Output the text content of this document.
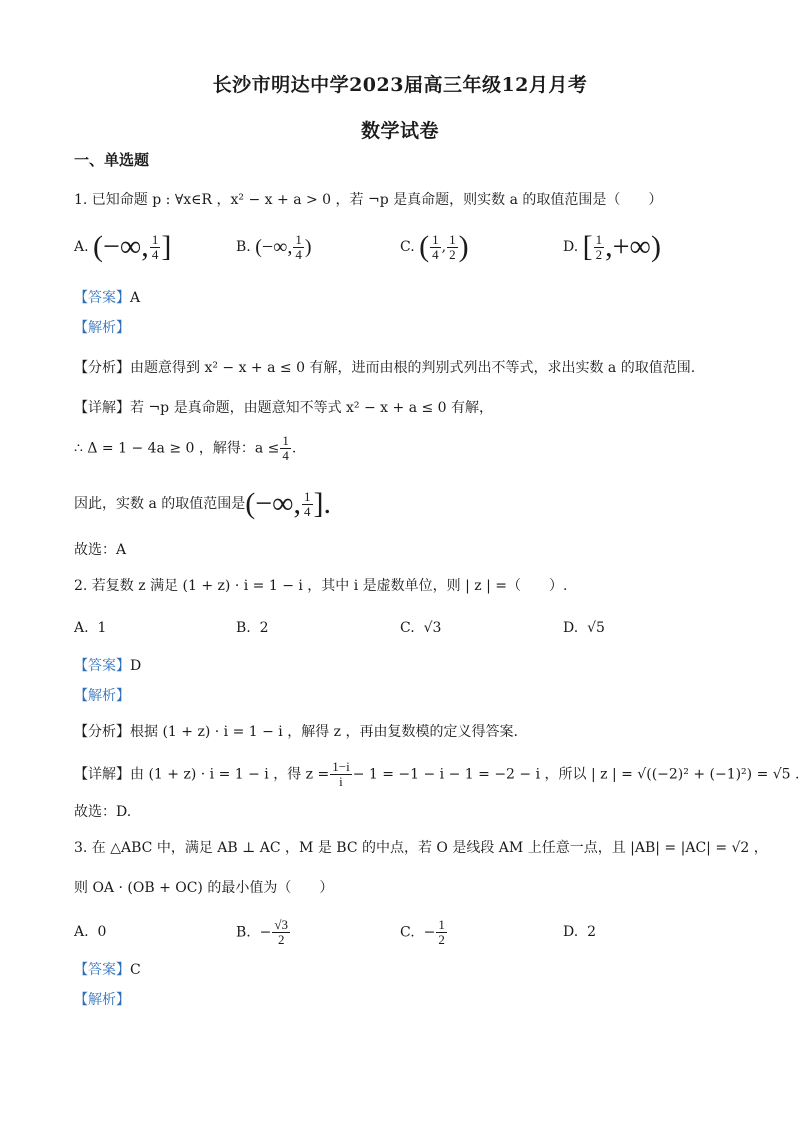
长沙市明达中学2023届高三年级12月月考
数学试卷
一、单选题
1. 已知命题 p : ∀x∈R ，x² − x + a > 0 ，若 ¬p 是真命题，则实数 a 的取值范围是（　　）
A. (−∞, $\frac{1}{4}$ ]	B. (−∞, $\frac{1}{4}$ )	C. ( $\frac{1}{4}$ , $\frac{1}{2}$ )	D. [ $\frac{1}{2}$ ,+∞)
【答案】A
【解析】
【分析】由题意得到 x² − x + a ≤ 0 有解，进而由根的判别式列出不等式，求出实数 a 的取值范围.
【详解】若 ¬p 是真命题，由题意知不等式 x² − x + a ≤ 0 有解，
∴ Δ = 1 − 4a ≥ 0 ，解得：$a \le \frac{1}{4}$ .
因此，实数 a 的取值范围是(−∞, $\frac{1}{4}$ ].
故选：A
2. 若复数 z 满足 (1 + z) · i = 1 − i ，其中 i 是虚数单位，则 | z | =（　　）.
A. 1	B. 2	C. √3	D. √5
【答案】D
【解析】
【分析】根据 (1 + z) · i = 1 − i ，解得 z ，再由复数模的定义得答案.
【详解】由 (1 + z) · i = 1 − i ，得 $z = \frac{1-i}{i} - 1 = -1 - i - 1 = -2 - i$ ，所以 | z | = √((−2)² + (−1)²) = √5 .
故选：D.
3. 在 △ABC 中，满足 AB ⊥ AC ，M 是 BC 的中点，若 O 是线段 AM 上任意一点，且 |AB| = |AC| = √2 ，
则 OA · (OB + OC) 的最小值为（　　）
A. 0	B. − $\frac{√3}{2}$	C. − $\frac{1}{2}$	D. 2
【答案】C
【解析】
